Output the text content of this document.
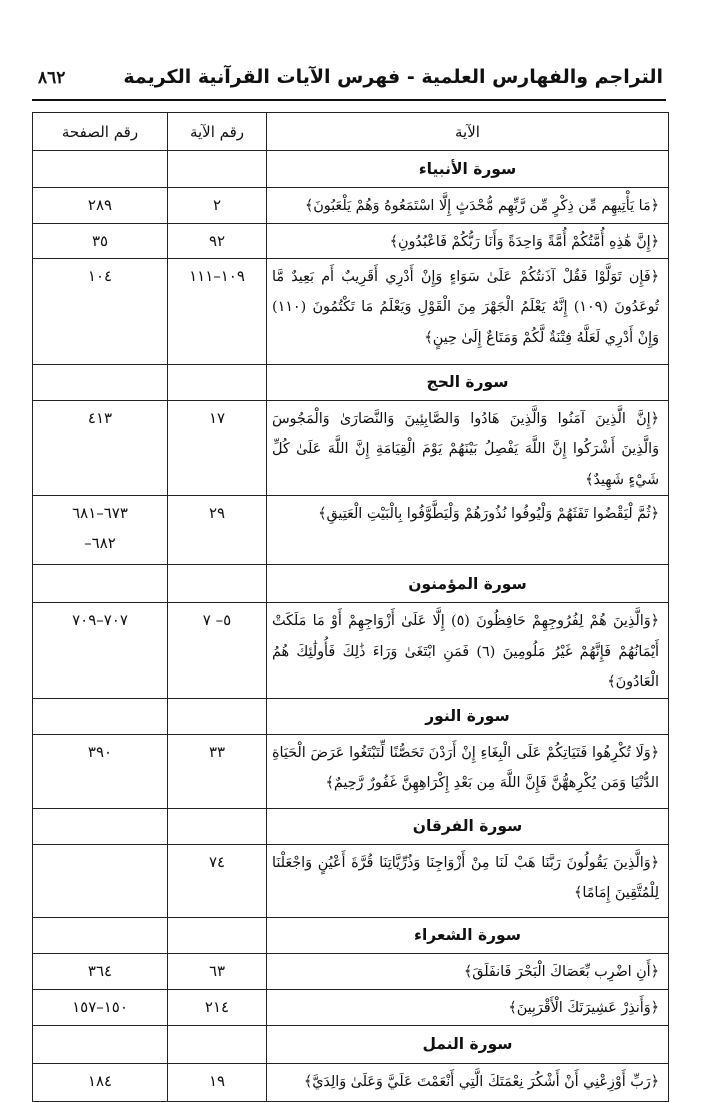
التراجم والفهارس العلمية - فهرس الآيات القرآنية الكريمة
٨٦٢
الآية	رقم الآية	رقم الصفحة
سورة الأنبياء		
﴿مَا يَأْتِيهِم مِّن ذِكْرٍ مِّن رَّبِّهِم مُّحْدَثٍ إِلَّا اسْتَمَعُوهُ وَهُمْ يَلْعَبُونَ﴾	٢	٢٨٩
﴿إِنَّ هَٰذِهِ أُمَّتُكُمْ أُمَّةً وَاحِدَةً وَأَنَا رَبُّكُمْ فَاعْبُدُونِ﴾	٩٢	٣٥
﴿فَإِن تَوَلَّوْا فَقُلْ آذَنتُكُمْ عَلَىٰ سَوَاءٍ وَإِنْ أَدْرِي أَقَرِيبٌ أَم بَعِيدٌ مَّا تُوعَدُونَ (١٠٩) إِنَّهُ يَعْلَمُ الْجَهْرَ مِنَ الْقَوْلِ وَيَعْلَمُ مَا تَكْتُمُونَ (١١٠) وَإِنْ أَدْرِي لَعَلَّهُ فِتْنَةٌ لَّكُمْ وَمَتَاعٌ إِلَىٰ حِينٍ﴾	١٠٩–١١١	١٠٤
سورة الحج		
﴿إِنَّ الَّذِينَ آمَنُوا وَالَّذِينَ هَادُوا وَالصَّابِئِينَ وَالنَّصَارَىٰ وَالْمَجُوسَ وَالَّذِينَ أَشْرَكُوا إِنَّ اللَّهَ يَفْصِلُ بَيْنَهُمْ يَوْمَ الْقِيَامَةِ إِنَّ اللَّهَ عَلَىٰ كُلِّ شَيْءٍ شَهِيدٌ﴾	١٧	٤١٣
﴿ثُمَّ لْيَقْضُوا تَفَثَهُمْ وَلْيُوفُوا نُذُورَهُمْ وَلْيَطَّوَّفُوا بِالْبَيْتِ الْعَتِيقِ﴾	٢٩	٦٧٣–٦٨١
٦٨٢–

سورة المؤمنون		
﴿وَالَّذِينَ هُمْ لِفُرُوجِهِمْ حَافِظُونَ (٥) إِلَّا عَلَىٰ أَزْوَاجِهِمْ أَوْ مَا مَلَكَتْ أَيْمَانُهُمْ فَإِنَّهُمْ غَيْرُ مَلُومِينَ (٦) فَمَنِ ابْتَغَىٰ وَرَاءَ ذَٰلِكَ فَأُولَٰئِكَ هُمُ الْعَادُونَ﴾	٥– ٧	٧٠٧–٧٠٩
سورة النور		
﴿وَلَا تُكْرِهُوا فَتَيَاتِكُمْ عَلَى الْبِغَاءِ إِنْ أَرَدْنَ تَحَصُّنًا لِّتَبْتَغُوا عَرَضَ الْحَيَاةِ الدُّنْيَا وَمَن يُكْرِههُّنَّ فَإِنَّ اللَّهَ مِن بَعْدِ إِكْرَاهِهِنَّ غَفُورٌ رَّحِيمٌ﴾	٣٣	٣٩٠
سورة الفرقان		
﴿وَالَّذِينَ يَقُولُونَ رَبَّنَا هَبْ لَنَا مِنْ أَزْوَاجِنَا وَذُرِّيَّاتِنَا قُرَّةَ أَعْيُنٍ وَاجْعَلْنَا لِلْمُتَّقِينَ إِمَامًا﴾	٧٤	
سورة الشعراء		
﴿أَنِ اضْرِب بِّعَصَاكَ الْبَحْرَ فَانفَلَقَ﴾	٦٣	٣٦٤
﴿وَأَنذِرْ عَشِيرَتَكَ الْأَقْرَبِينَ﴾	٢١٤	١٥٠–١٥٧
سورة النمل		
﴿رَبِّ أَوْزِعْنِي أَنْ أَشْكُرَ نِعْمَتَكَ الَّتِي أَنْعَمْتَ عَلَيَّ وَعَلَىٰ وَالِدَيَّ﴾	١٩	١٨٤
